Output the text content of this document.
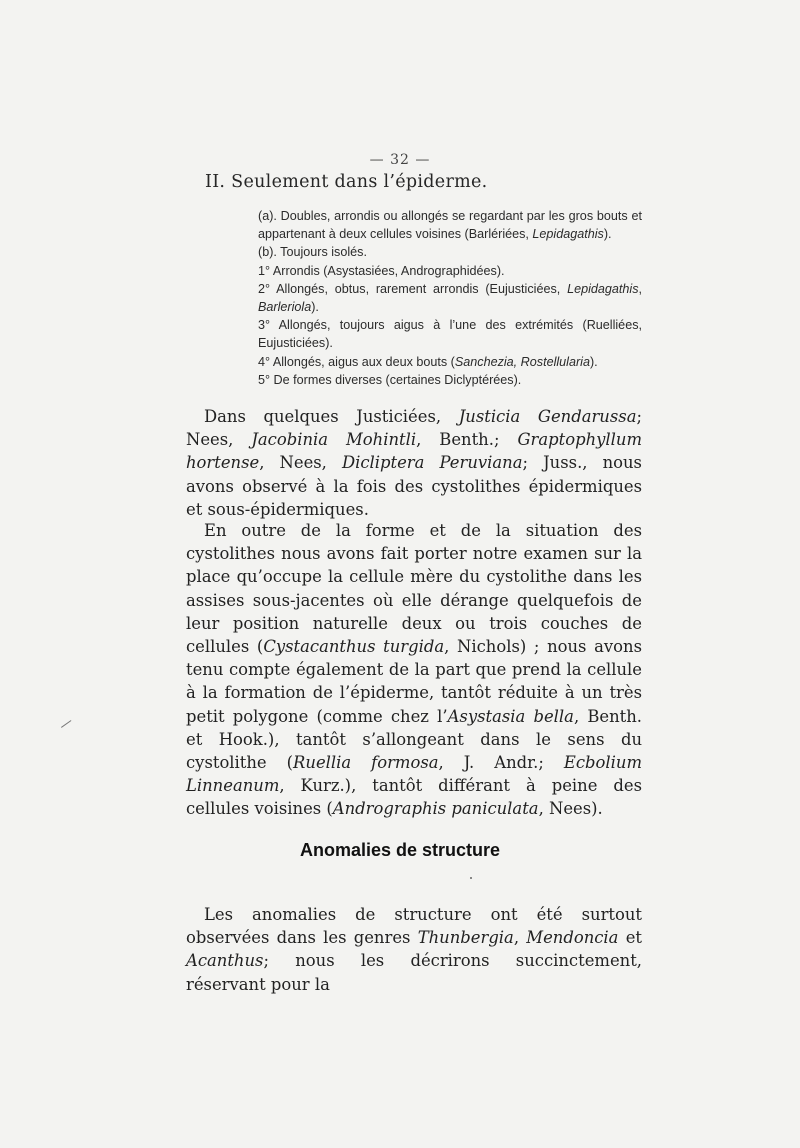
— 32 —
II. Seulement dans l’épiderme.

(a). Doubles, arrondis ou allongés se regardant par les gros bouts et appartenant à deux cellules voisines (Barlériées, Lepidagathis).

(b). Toujours isolés.

1° Arrondis (Asystasiées, Andrographidées).

2° Allongés, obtus, rarement arrondis (Eujusticiées, Lepidagathis, Barleriola).

3° Allongés, toujours aigus à l’une des extrémités (Ruelliées, Eujusticiées).

4° Allongés, aigus aux deux bouts (Sanchezia, Rostellularia).

5° De formes diverses (certaines Diclyptérées).

Dans quelques Justiciées, Justicia Gendarussa; Nees, Jacobinia Mohintli, Benth.; Graptophyllum hortense, Nees, Dicliptera Peruviana; Juss., nous avons observé à la fois des cystolithes épidermiques et sous-épidermiques.

En outre de la forme et de la situation des cystolithes nous avons fait porter notre examen sur la place qu’occupe la cellule mère du cystolithe dans les assises sous-jacentes où elle dérange quelquefois de leur position naturelle deux ou trois couches de cellules (Cystacanthus turgida, Nichols) ; nous avons tenu compte également de la part que prend la cellule à la formation de l’épiderme, tantôt réduite à un très petit polygone (comme chez l’Asystasia bella, Benth. et Hook.), tantôt s’allongeant dans le sens du cystolithe (Ruellia formosa, J. Andr.; Ecbolium Linneanum, Kurz.), tantôt différant à peine des cellules voisines (Andrographis paniculata, Nees).

Anomalies de structure

Les anomalies de structure ont été surtout observées dans les genres Thunbergia, Mendoncia et Acanthus; nous les décrirons succinctement, réservant pour la
